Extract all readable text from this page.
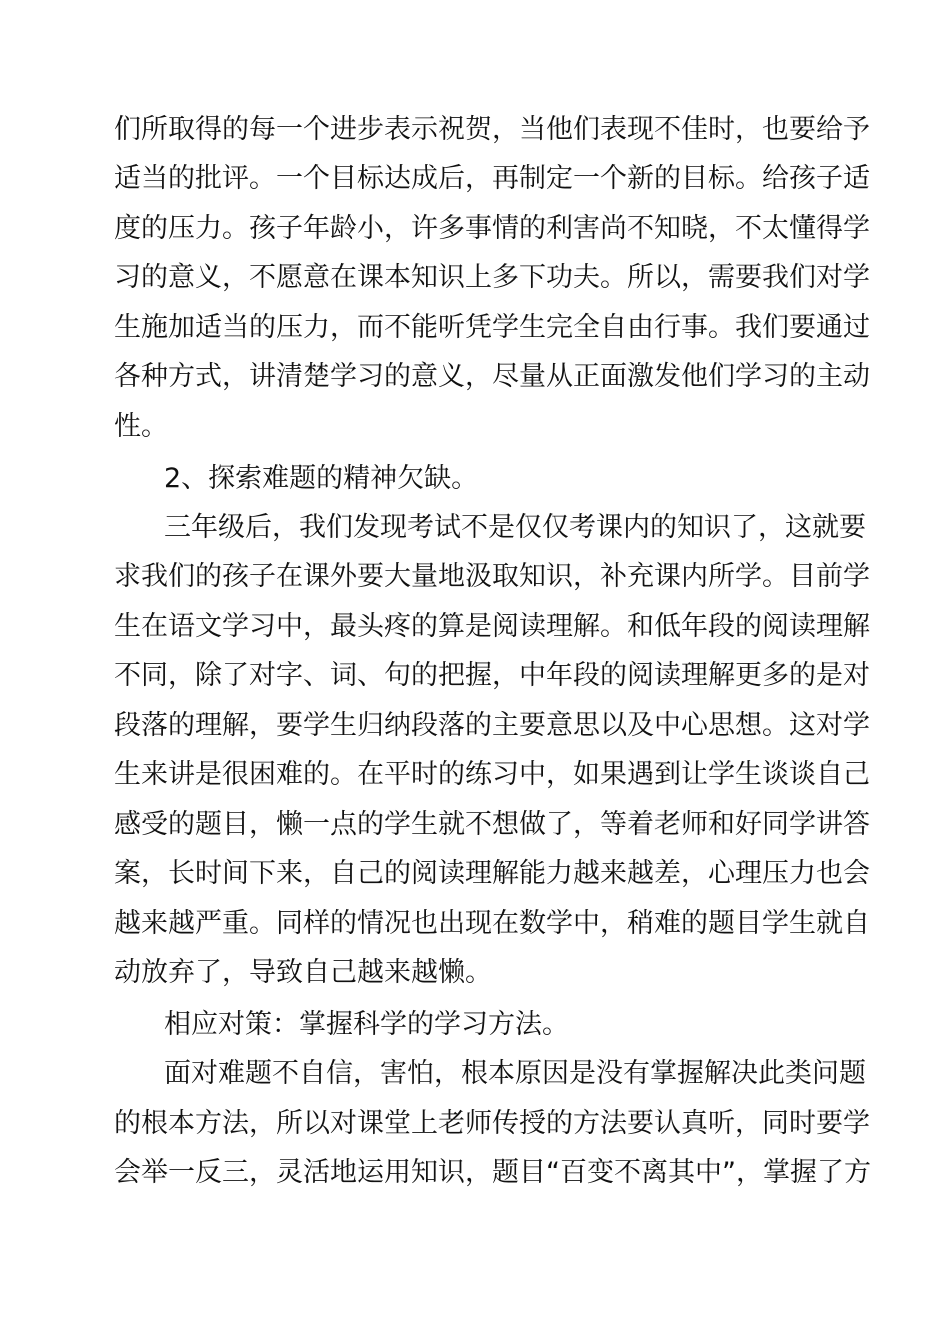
们所取得的每一个进步表示祝贺，当他们表现不佳时，也要给予
适当的批评。一个目标达成后，再制定一个新的目标。给孩子适
度的压力。孩子年龄小，许多事情的利害尚不知晓，不太懂得学
习的意义，不愿意在课本知识上多下功夫。所以，需要我们对学
生施加适当的压力，而不能听凭学生完全自由行事。我们要通过
各种方式，讲清楚学习的意义，尽量从正面激发他们学习的主动
性。
2、探索难题的精神欠缺。
三年级后，我们发现考试不是仅仅考课内的知识了，这就要
求我们的孩子在课外要大量地汲取知识，补充课内所学。目前学
生在语文学习中，最头疼的算是阅读理解。和低年段的阅读理解
不同，除了对字、词、句的把握，中年段的阅读理解更多的是对
段落的理解，要学生归纳段落的主要意思以及中心思想。这对学
生来讲是很困难的。在平时的练习中，如果遇到让学生谈谈自己
感受的题目，懒一点的学生就不想做了，等着老师和好同学讲答
案，长时间下来，自己的阅读理解能力越来越差，心理压力也会
越来越严重。同样的情况也出现在数学中，稍难的题目学生就自
动放弃了，导致自己越来越懒。
相应对策：掌握科学的学习方法。
面对难题不自信，害怕，根本原因是没有掌握解决此类问题
的根本方法，所以对课堂上老师传授的方法要认真听，同时要学
会举一反三，灵活地运用知识，题目“百变不离其中”，掌握了方
